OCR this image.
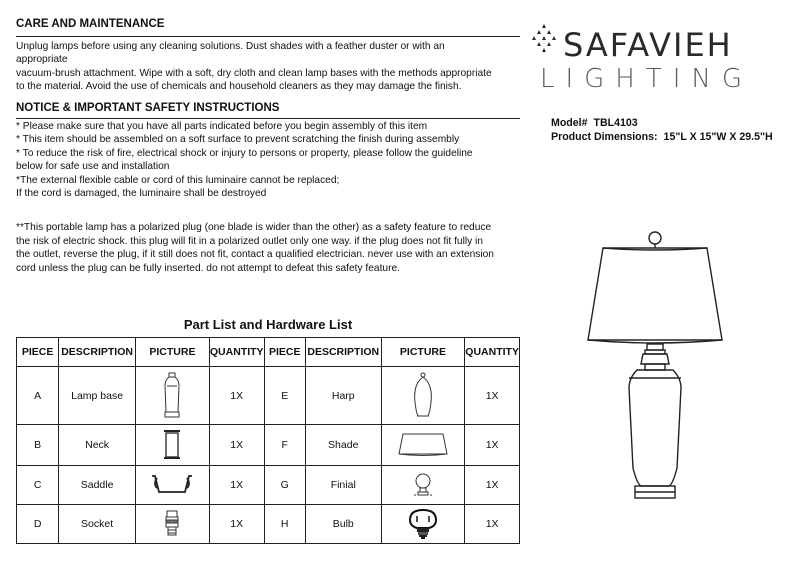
CARE AND MAINTENANCE
Unplug lamps before using any cleaning solutions. Dust shades with a feather duster or with an
appropriate
vacuum-brush attachment. Wipe with a soft, dry cloth and clean lamp bases with the methods appropriate
to the material. Avoid the use of chemicals and household cleaners as they may damage the finish.
NOTICE & IMPORTANT SAFETY INSTRUCTIONS
* Please make sure that you have all parts indicated before you begin assembly of this item
* This item should be assembled on a soft surface to prevent scratching the finish during assembly
* To reduce the risk of fire, electrical shock or injury to persons or property, please follow the guideline
below for safe use and installation
*The external flexible cable or cord of this luminaire cannot be replaced;
If the cord is damaged, the luminaire shall be destroyed
**This portable lamp has a polarized plug (one blade is wider than the other) as a safety feature to reduce
the risk of electric shock. this plug will fit in a polarized outlet only one way. if the plug does not fit fully in
the outlet, reverse the plug, if it still does not fit, contact a qualified electrician. never use with an extension
cord unless the plug can be fully inserted. do not attempt to defeat this safety feature.
SAFAVIEH
LIGHTING
Model# TBL4103
Product Dimensions: 15"L X 15"W X 29.5"H
Part List and Hardware List
PIECE	DESCRIPTION	PICTURE	QUANTITY	PIECE	DESCRIPTION	PICTURE	QUANTITY
A	Lamp base		1X	E	Harp		1X
B	Neck		1X	F	Shade		1X
C	Saddle		1X	G	Finial		1X
D	Socket		1X	H	Bulb		1X
